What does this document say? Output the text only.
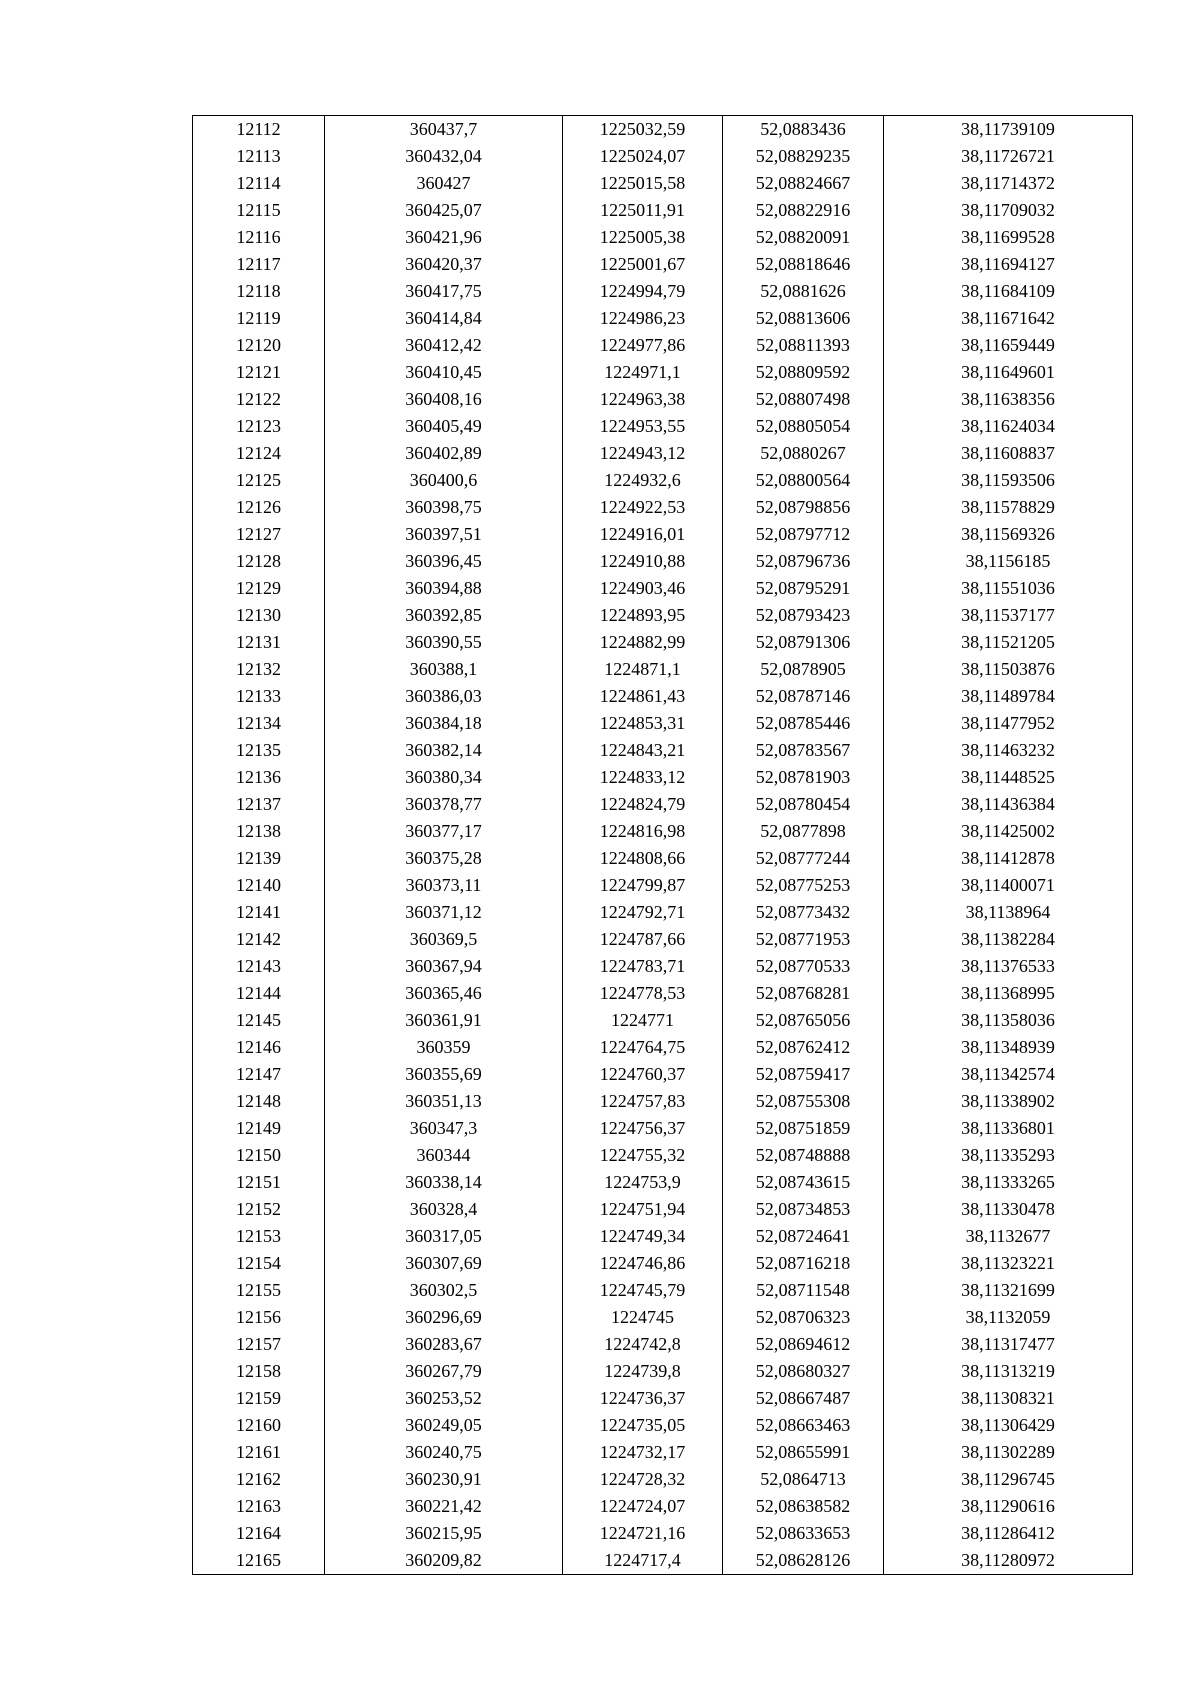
12112	360437,7	1225032,59	52,0883436	38,11739109
12113	360432,04	1225024,07	52,08829235	38,11726721
12114	360427	1225015,58	52,08824667	38,11714372
12115	360425,07	1225011,91	52,08822916	38,11709032
12116	360421,96	1225005,38	52,08820091	38,11699528
12117	360420,37	1225001,67	52,08818646	38,11694127
12118	360417,75	1224994,79	52,0881626	38,11684109
12119	360414,84	1224986,23	52,08813606	38,11671642
12120	360412,42	1224977,86	52,08811393	38,11659449
12121	360410,45	1224971,1	52,08809592	38,11649601
12122	360408,16	1224963,38	52,08807498	38,11638356
12123	360405,49	1224953,55	52,08805054	38,11624034
12124	360402,89	1224943,12	52,0880267	38,11608837
12125	360400,6	1224932,6	52,08800564	38,11593506
12126	360398,75	1224922,53	52,08798856	38,11578829
12127	360397,51	1224916,01	52,08797712	38,11569326
12128	360396,45	1224910,88	52,08796736	38,1156185
12129	360394,88	1224903,46	52,08795291	38,11551036
12130	360392,85	1224893,95	52,08793423	38,11537177
12131	360390,55	1224882,99	52,08791306	38,11521205
12132	360388,1	1224871,1	52,0878905	38,11503876
12133	360386,03	1224861,43	52,08787146	38,11489784
12134	360384,18	1224853,31	52,08785446	38,11477952
12135	360382,14	1224843,21	52,08783567	38,11463232
12136	360380,34	1224833,12	52,08781903	38,11448525
12137	360378,77	1224824,79	52,08780454	38,11436384
12138	360377,17	1224816,98	52,0877898	38,11425002
12139	360375,28	1224808,66	52,08777244	38,11412878
12140	360373,11	1224799,87	52,08775253	38,11400071
12141	360371,12	1224792,71	52,08773432	38,1138964
12142	360369,5	1224787,66	52,08771953	38,11382284
12143	360367,94	1224783,71	52,08770533	38,11376533
12144	360365,46	1224778,53	52,08768281	38,11368995
12145	360361,91	1224771	52,08765056	38,11358036
12146	360359	1224764,75	52,08762412	38,11348939
12147	360355,69	1224760,37	52,08759417	38,11342574
12148	360351,13	1224757,83	52,08755308	38,11338902
12149	360347,3	1224756,37	52,08751859	38,11336801
12150	360344	1224755,32	52,08748888	38,11335293
12151	360338,14	1224753,9	52,08743615	38,11333265
12152	360328,4	1224751,94	52,08734853	38,11330478
12153	360317,05	1224749,34	52,08724641	38,1132677
12154	360307,69	1224746,86	52,08716218	38,11323221
12155	360302,5	1224745,79	52,08711548	38,11321699
12156	360296,69	1224745	52,08706323	38,1132059
12157	360283,67	1224742,8	52,08694612	38,11317477
12158	360267,79	1224739,8	52,08680327	38,11313219
12159	360253,52	1224736,37	52,08667487	38,11308321
12160	360249,05	1224735,05	52,08663463	38,11306429
12161	360240,75	1224732,17	52,08655991	38,11302289
12162	360230,91	1224728,32	52,0864713	38,11296745
12163	360221,42	1224724,07	52,08638582	38,11290616
12164	360215,95	1224721,16	52,08633653	38,11286412
12165	360209,82	1224717,4	52,08628126	38,11280972
